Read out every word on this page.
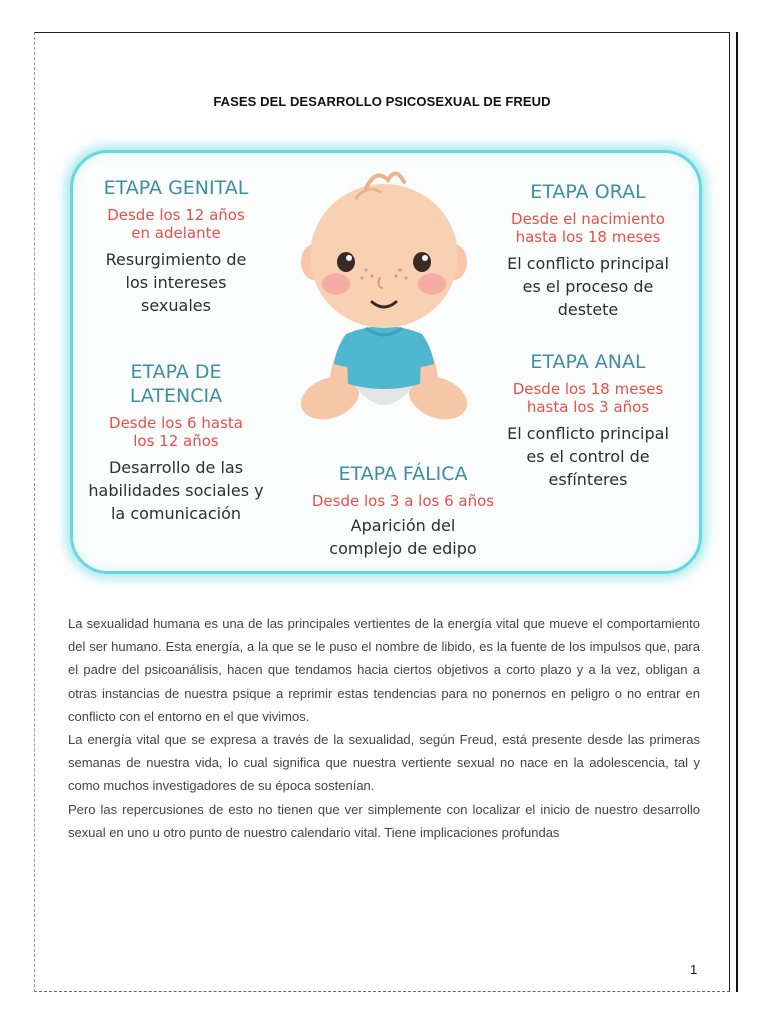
FASES DEL DESARROLLO PSICOSEXUAL DE FREUD
ETAPA GENITAL
Desde los 12 años
en adelante
Resurgimiento de
los intereses
sexuales
ETAPA ORAL
Desde el nacimiento
hasta los 18 meses
El conflicto principal
es el proceso de
destete
ETAPA DE
LATENCIA
Desde los 6 hasta
los 12 años
Desarrollo de las
habilidades sociales y
la comunicación
ETAPA ANAL
Desde los 18 meses
hasta los 3 años
El conflicto principal
es el control de
esfínteres
ETAPA FÁLICA
Desde los 3 a los 6 años
Aparición del
complejo de edipo

La sexualidad humana es una de las principales vertientes de la energía vital que mueve el comportamiento del ser humano. Esta energía, a la que se le puso el nombre de libido, es la fuente de los impulsos que, para el padre del psicoanálisis, hacen que tendamos hacia ciertos objetivos a corto plazo y a la vez, obligan a otras instancias de nuestra psique a reprimir estas tendencias para no ponernos en peligro o no entrar en conflicto con el entorno en el que vivimos.

La energía vital que se expresa a través de la sexualidad, según Freud, está presente desde las primeras semanas de nuestra vida, lo cual significa que nuestra vertiente sexual no nace en la adolescencia, tal y como muchos investigadores de su época sostenían.

Pero las repercusiones de esto no tienen que ver simplemente con localizar el inicio de nuestro desarrollo sexual en uno u otro punto de nuestro calendario vital. Tiene implicaciones profundas

1
